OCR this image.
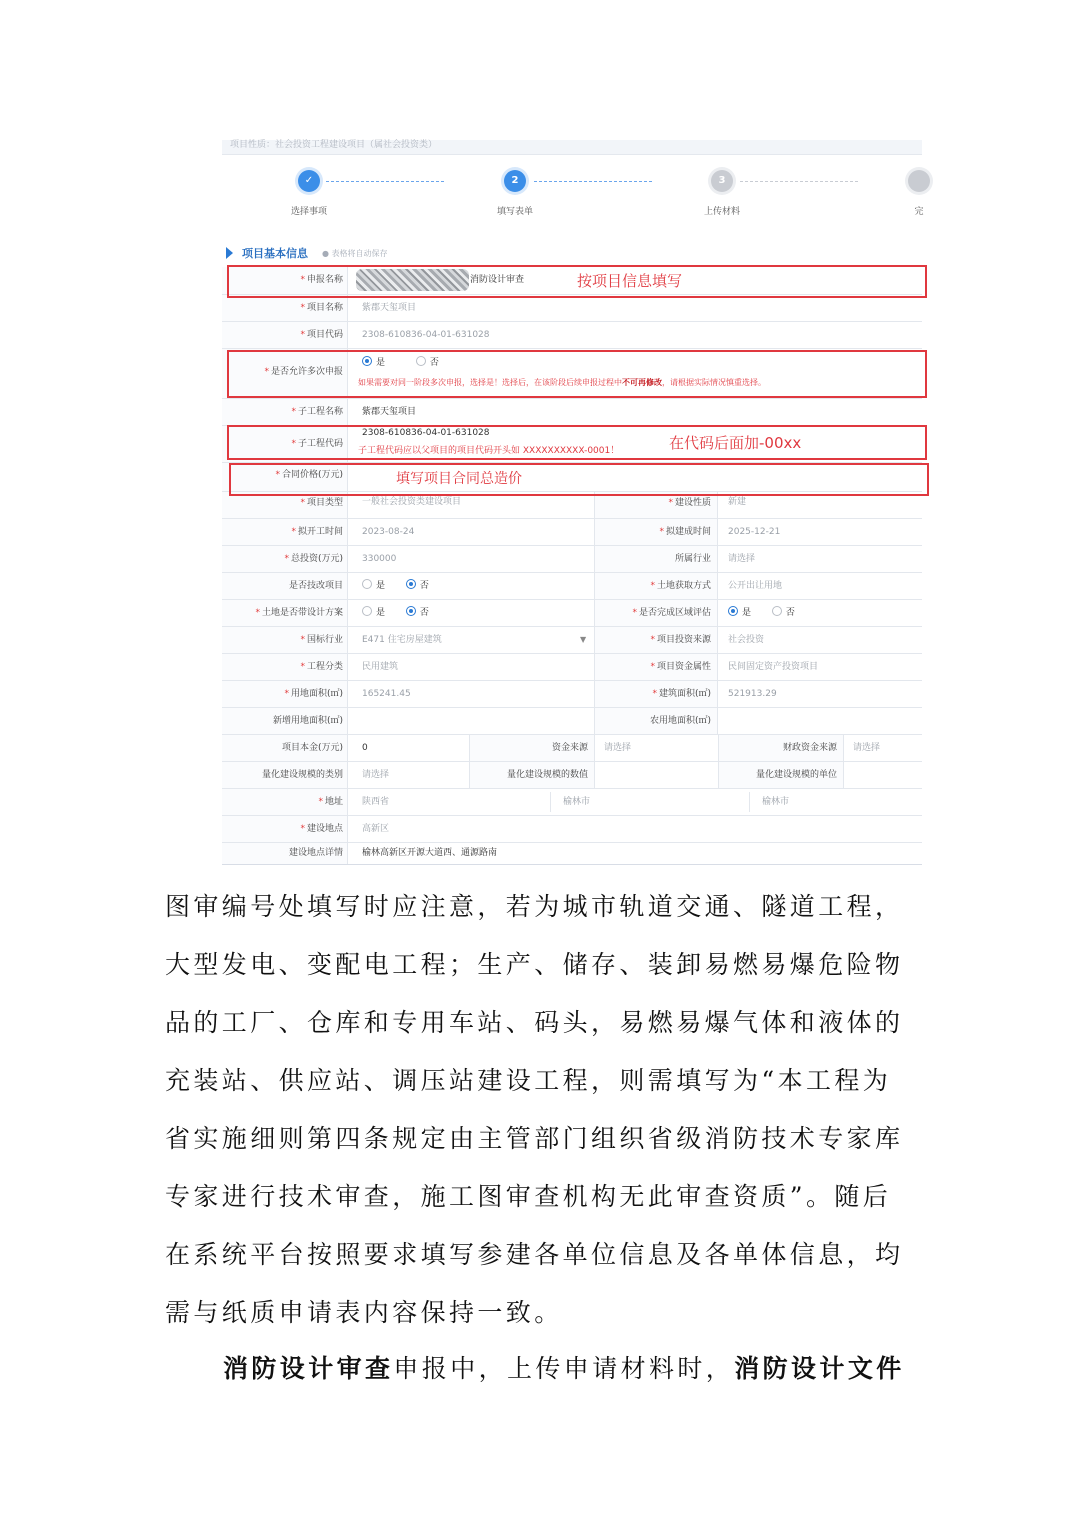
项目性质：社会投资工程建设项目（属社会投资类）
✓
选择事项
2
填写表单
3
上传材料	完
项目基本信息 ● 表格将自动保存
* 申报名称	消防设计审查
* 项目名称	紫郡天玺项目
* 项目代码	2308-610836-04-01-631028
* 是否允许多次申报
是	否
如果需要对同一阶段多次申报，选择是！选择后，在该阶段后续申报过程中不可再修改，请根据实际情况慎重选择。
* 子工程名称	紫郡天玺项目
* 子工程代码
2308-610836-04-01-631028
子工程代码应以父项目的项目代码开头如 XXXXXXXXXX-0001！
* 合同价格(万元)
* 项目类型	一般社会投资类建设项目	* 建设性质	新建
* 拟开工时间	2023-08-24	* 拟建成时间	2025-12-21
* 总投资(万元)	330000	所属行业	请选择
是否技改项目	是	否	* 土地获取方式	公开出让用地
* 土地是否带设计方案	是	否	* 是否完成区域评估	是	否
* 国标行业	E471 住宅房屋建筑	▼	* 项目投资来源	社会投资
* 工程分类	民用建筑	* 项目资金属性	民间固定资产投资项目
* 用地面积(㎡)	165241.45	* 建筑面积(㎡)	521913.29
新增用地面积(㎡)	农用地面积(㎡)
项目本金(万元)	0	资金来源	请选择	财政资金来源	请选择
量化建设规模的类别	请选择	量化建设规模的数值	量化建设规模的单位
* 地址	陕西省	榆林市	榆林市
* 建设地点	高新区
建设地点详情	榆林高新区开源大道西、通源路南
按项目信息填写
在代码后面加-00xx
填写项目合同总造价

图审编号处填写时应注意，若为城市轨道交通、隧道工程，大型发电、变配电工程；生产、储存、装卸易燃易爆危险物品的工厂、仓库和专用车站、码头，易燃易爆气体和液体的充装站、供应站、调压站建设工程，则需填写为“本工程为省实施细则第四条规定由主管部门组织省级消防技术专家库专家进行技术审查，施工图审查机构无此审查资质”。随后在系统平台按照要求填写参建各单位信息及各单体信息，均需与纸质申请表内容保持一致。

消防设计审查申报中，上传申请材料时，消防设计文件
